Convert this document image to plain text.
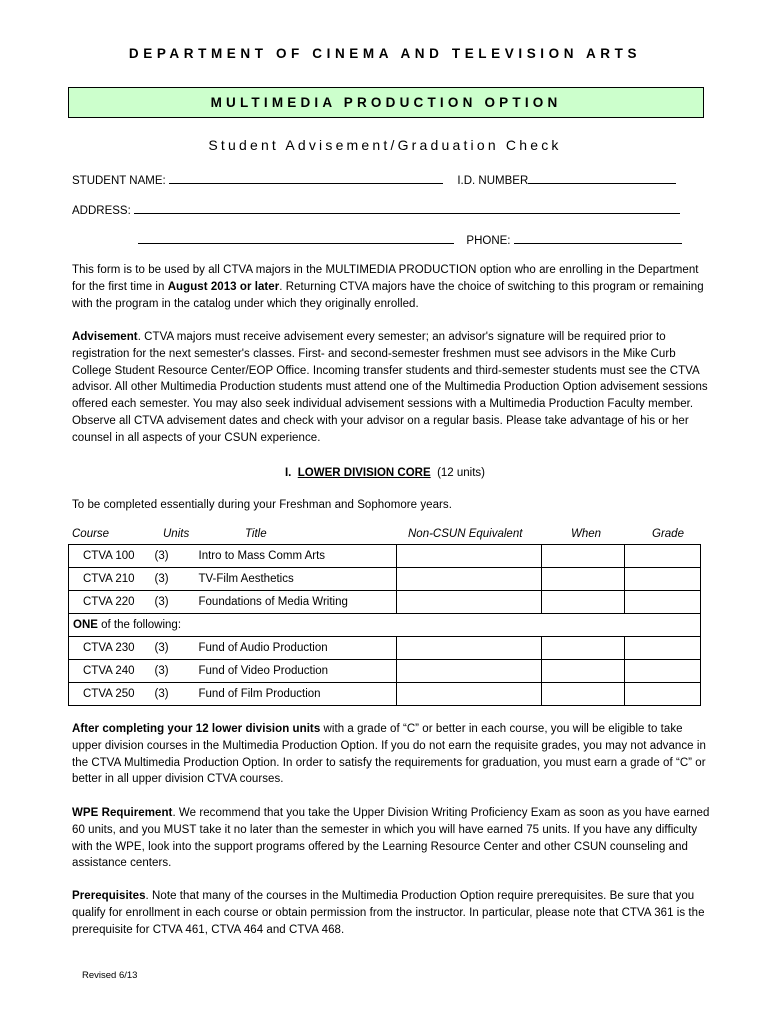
DEPARTMENT OF CINEMA AND TELEVISION ARTS
MULTIMEDIA PRODUCTION OPTION
Student Advisement/Graduation Check
STUDENT NAME:	I.D. NUMBER
ADDRESS:
PHONE:
This form is to be used by all CTVA majors in the MULTIMEDIA PRODUCTION option who are enrolling in the Department for the first time in August 2013 or later. Returning CTVA majors have the choice of switching to this program or remaining with the program in the catalog under which they originally enrolled.
Advisement. CTVA majors must receive advisement every semester; an advisor's signature will be required prior to registration for the next semester's classes. First- and second-semester freshmen must see advisors in the Mike Curb College Student Resource Center/EOP Office. Incoming transfer students and third-semester students must see the CTVA advisor. All other Multimedia Production students must attend one of the Multimedia Production Option advisement sessions offered each semester. You may also seek individual advisement sessions with a Multimedia Production Faculty member. Observe all CTVA advisement dates and check with your advisor on a regular basis. Please take advantage of his or her counsel in all aspects of your CSUN experience.
I. LOWER DIVISION CORE (12 units)
To be completed essentially during your Freshman and Sophomore years.
Course	Units	Title	Non-CSUN Equivalent	When	Grade
CTVA 100	(3)	Intro to Mass Comm Arts			
CTVA 210	(3)	TV-Film Aesthetics			
CTVA 220	(3)	Foundations of Media Writing			
ONE of the following:					
CTVA 230	(3)	Fund of Audio Production			
CTVA 240	(3)	Fund of Video Production			
CTVA 250	(3)	Fund of Film Production			
After completing your 12 lower division units with a grade of “C” or better in each course, you will be eligible to take upper division courses in the Multimedia Production Option. If you do not earn the requisite grades, you may not advance in the CTVA Multimedia Production Option. In order to satisfy the requirements for graduation, you must earn a grade of “C” or better in all upper division CTVA courses.
WPE Requirement. We recommend that you take the Upper Division Writing Proficiency Exam as soon as you have earned 60 units, and you MUST take it no later than the semester in which you will have earned 75 units. If you have any difficulty with the WPE, look into the support programs offered by the Learning Resource Center and other CSUN counseling and assistance centers.
Prerequisites. Note that many of the courses in the Multimedia Production Option require prerequisites. Be sure that you qualify for enrollment in each course or obtain permission from the instructor. In particular, please note that CTVA 361 is the prerequisite for CTVA 461, CTVA 464 and CTVA 468.
Revised 6/13
